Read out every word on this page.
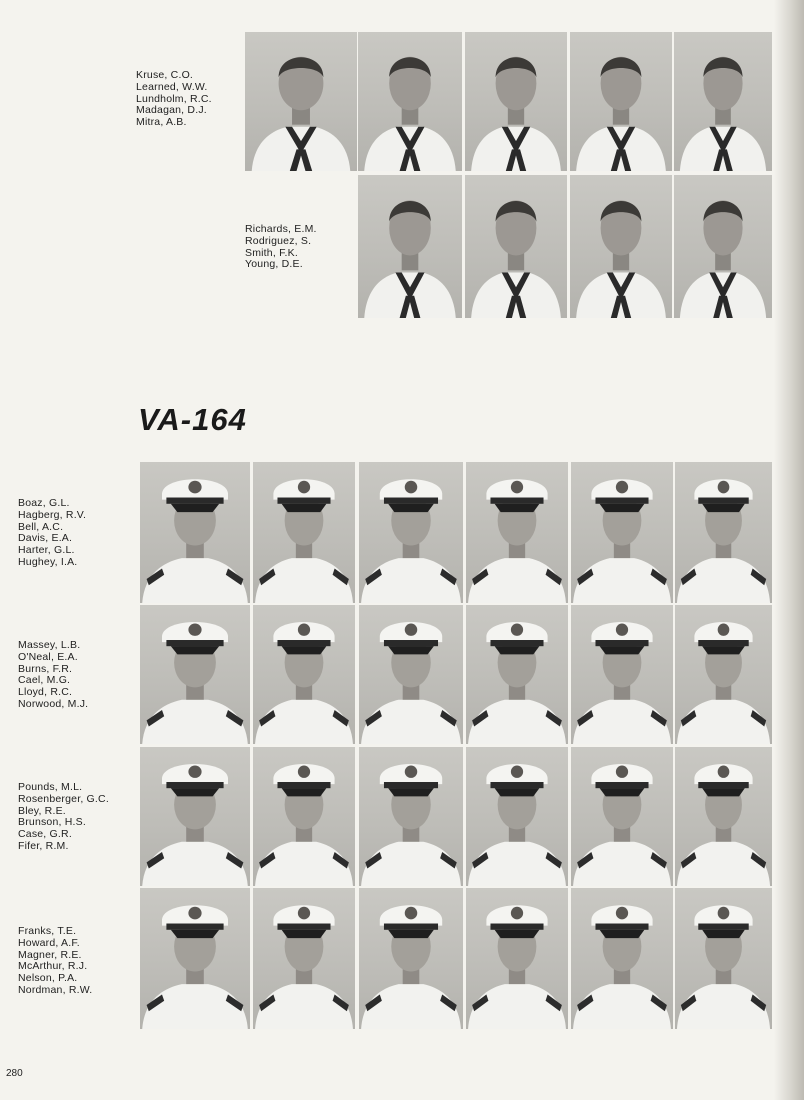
Kruse, C.O.
Learned, W.W.
Lundholm, R.C.
Madagan, D.J.
Mitra, A.B.
Richards, E.M.
Rodriguez, S.
Smith, F.K.
Young, D.E.
VA-164
Boaz, G.L.
Hagberg, R.V.
Bell, A.C.
Davis, E.A.
Harter, G.L.
Hughey, I.A.
Massey, L.B.
O'Neal, E.A.
Burns, F.R.
Cael, M.G.
Lloyd, R.C.
Norwood, M.J.
Pounds, M.L.
Rosenberger, G.C.
Bley, R.E.
Brunson, H.S.
Case, G.R.
Fifer, R.M.
Franks, T.E.
Howard, A.F.
Magner, R.E.
McArthur, R.J.
Nelson, P.A.
Nordman, R.W.
280
